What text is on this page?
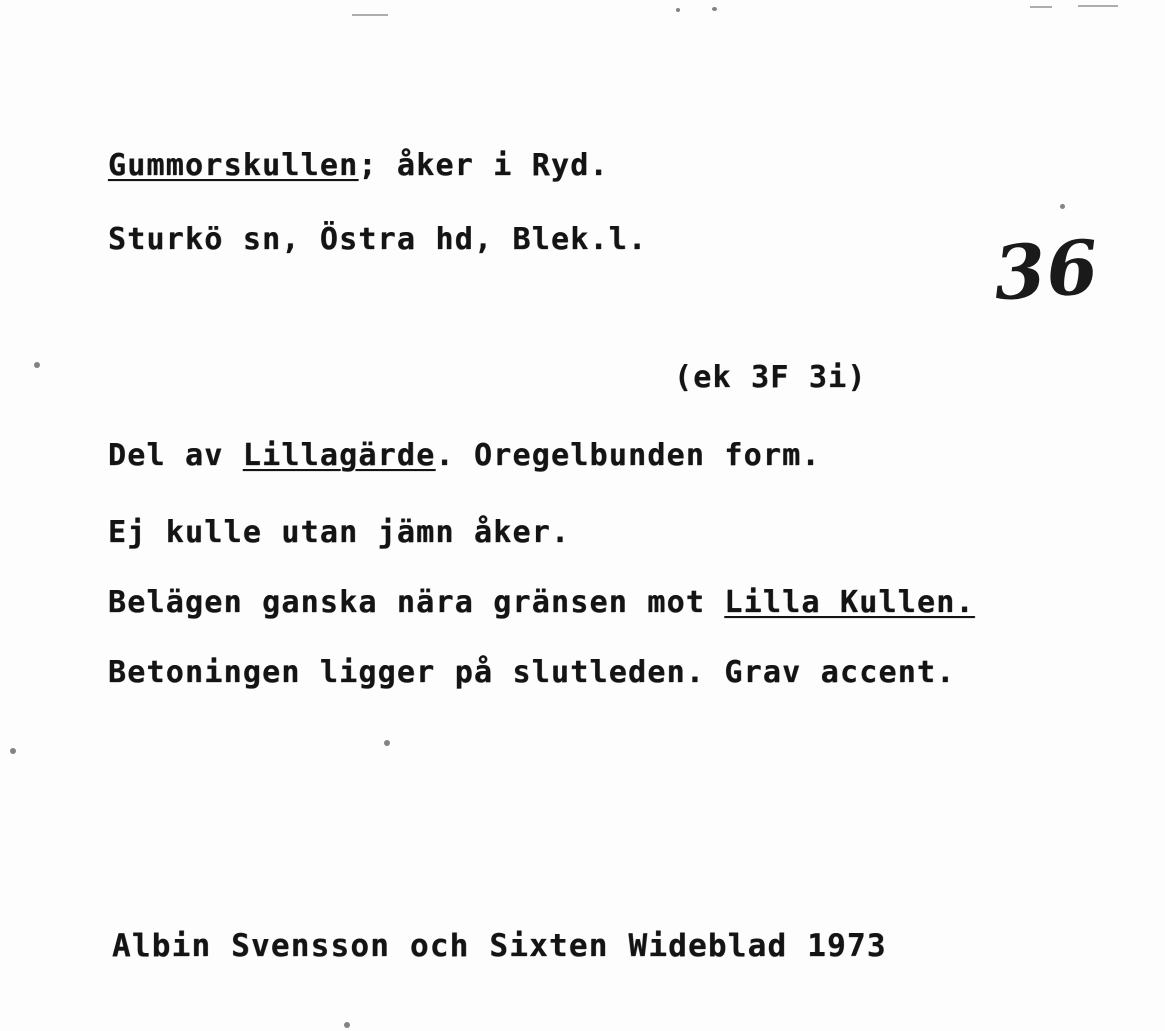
Gummorskullen; åker i Ryd.
Sturkö sn, Östra hd, Blek.l.	36
(ek 3F 3i)
Del av Lillagärde. Oregelbunden form.
Ej kulle utan jämn åker.
Belägen ganska nära gränsen mot Lilla Kullen.
Betoningen ligger på slutleden. Grav accent.
Albin Svensson och Sixten Wideblad 1973
